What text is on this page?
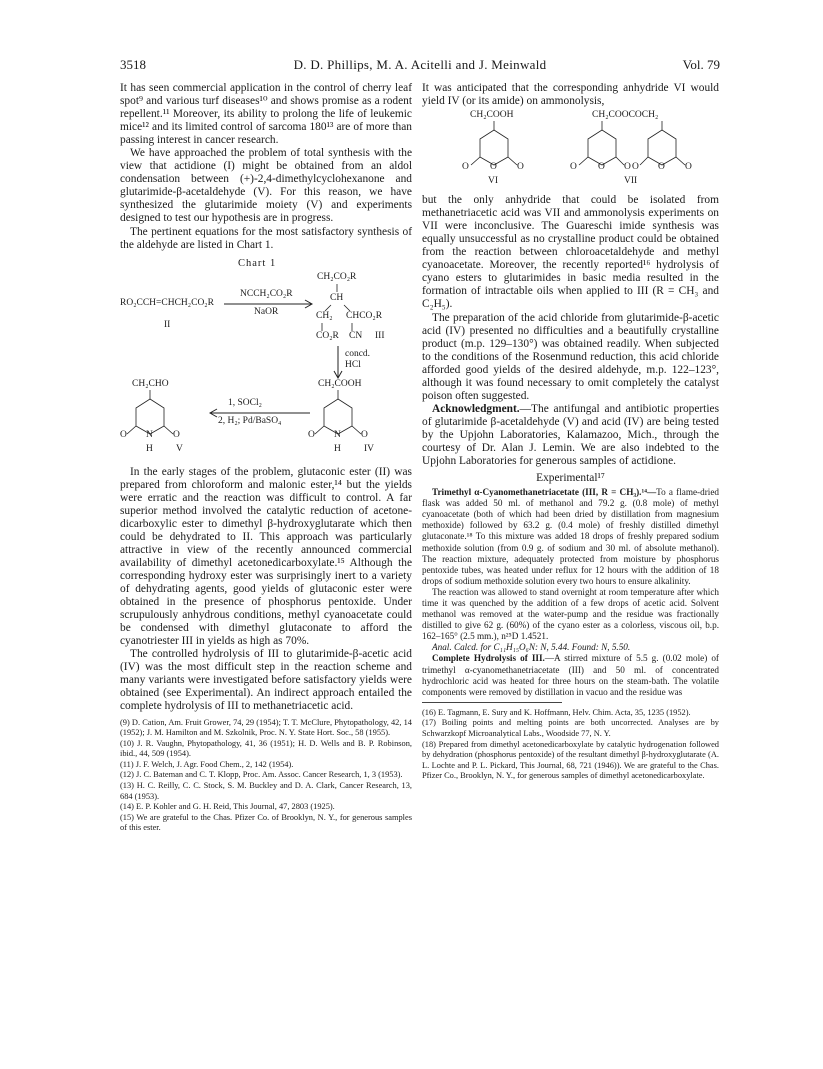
3518	D. D. Phillips, M. A. Acitelli and J. Meinwald	Vol. 79

It has seen commercial application in the control of cherry leaf spot⁹ and various turf diseases¹⁰ and shows promise as a rodent repellent.¹¹ Moreover, its ability to prolong the life of leukemic mice¹² and its limited control of sarcoma 180¹³ are of more than passing interest in cancer research.

We have approached the problem of total synthesis with the view that actidione (I) might be obtained from an aldol condensation between (+)-2,4-dimethylcyclohexanone and glutarimide-β-acetaldehyde (V). For this reason, we have synthesized the glutarimide moiety (V) and experiments designed to test our hypothesis are in progress.

The pertinent equations for the most satisfactory synthesis of the aldehyde are listed in Chart 1.

Chart 1
CH₂CO₂R
CH
RO₂CCH=CHCH₂CO₂R
NCCH₂CO₂R
NaOR
II
CH₂ CHCO₂R
CO₂R CN III
concd.
HCl
CH₂CHO	CH₂COOH
1, SOCl₂
2, H₂; Pd/BaSO₄
O N O
H V
O N O
H IV

In the early stages of the problem, glutaconic ester (II) was prepared from chloroform and malonic ester,¹⁴ but the yields were erratic and the reaction was difficult to control. A far superior method involved the catalytic reduction of acetone-dicarboxylic ester to dimethyl β-hydroxyglutarate which then could be dehydrated to II. This approach was particularly attractive in view of the recently announced commercial availability of dimethyl acetonedicarboxylate.¹⁵ Although the corresponding hydroxy ester was surprisingly inert to a variety of dehydrating agents, good yields of glutaconic ester were obtained in the presence of phosphorus pentoxide. Under scrupulously anhydrous conditions, methyl cyanoacetate could be condensed with dimethyl glutaconate to afford the cyanotriester III in yields as high as 70%.

The controlled hydrolysis of III to glutarimide-β-acetic acid (IV) was the most difficult step in the reaction scheme and many variants were investigated before satisfactory yields were obtained (see Experimental). An indirect approach entailed the complete hydrolysis of III to methanetriacetic acid.

(9) D. Cation, Am. Fruit Grower, 74, 29 (1954); T. T. McClure, Phytopathology, 42, 14 (1952); J. M. Hamilton and M. Szkolnik, Proc. N. Y. State Hort. Soc., 58 (1955).
(10) J. R. Vaughn, Phytopathology, 41, 36 (1951); H. D. Wells and B. P. Robinson, ibid., 44, 509 (1954).
(11) J. F. Welch, J. Agr. Food Chem., 2, 142 (1954).
(12) J. C. Bateman and C. T. Klopp, Proc. Am. Assoc. Cancer Research, 1, 3 (1953).
(13) H. C. Reilly, C. C. Stock, S. M. Buckley and D. A. Clark, Cancer Research, 13, 684 (1953).
(14) E. P. Kohler and G. H. Reid, This Journal, 47, 2803 (1925).
(15) We are grateful to the Chas. Pfizer Co. of Brooklyn, N. Y., for generous samples of this ester.

It was anticipated that the corresponding anhydride VI would yield IV (or its amide) on ammonolysis,

CH₂COOH	CH₂COOCOCH₂
O O O
VI
O O O O O O
VII

but the only anhydride that could be isolated from methanetriacetic acid was VII and ammonolysis experiments on VII were inconclusive. The Guareschi imide synthesis was equally unsuccessful as no crystalline product could be obtained from the reaction between chloroacetaldehyde and methyl cyanoacetate. Moreover, the recently reported¹⁶ hydrolysis of cyano esters to glutarimides in basic media resulted in the formation of intractable oils when applied to III (R = CH₃ and C₂H₅).

The preparation of the acid chloride from glutarimide-β-acetic acid (IV) presented no difficulties and a beautifully crystalline product (m.p. 129–130°) was obtained readily. When subjected to the conditions of the Rosenmund reduction, this acid chloride afforded good yields of the desired aldehyde, m.p. 122–123°, although it was found necessary to omit completely the catalyst poison often suggested.

Acknowledgment.—The antifungal and antibiotic properties of glutarimide β-acetaldehyde (V) and acid (IV) are being tested by the Upjohn Laboratories, Kalamazoo, Mich., through the courtesy of Dr. Alan J. Lemin. We are also indebted to the Upjohn Laboratories for generous samples of actidione.

Experimental¹⁷

Trimethyl α-Cyanomethanetriacetate (III, R = CH₃).¹⁴—To a flame-dried flask was added 50 ml. of methanol and 79.2 g. (0.8 mole) of methyl cyanoacetate (both of which had been dried by distillation from magnesium methoxide) followed by 63.2 g. (0.4 mole) of freshly distilled dimethyl glutaconate.¹⁸ To this mixture was added 18 drops of freshly prepared sodium methoxide solution (from 0.9 g. of sodium and 30 ml. of absolute methanol). The reaction mixture, adequately protected from moisture by phosphorus pentoxide tubes, was heated under reflux for 12 hours with the addition of 18 drops of sodium methoxide solution every two hours to ensure alkalinity.

The reaction was allowed to stand overnight at room temperature after which time it was quenched by the addition of a few drops of acetic acid. Solvent methanol was removed at the water-pump and the residue was fractionally distilled to give 62 g. (60%) of the cyano ester as a colorless, viscous oil, b.p. 162–165° (2.5 mm.), n²⁵D 1.4521.

Anal. Calcd. for C₁₁H₁₅O₆N: N, 5.44. Found: N, 5.50.

Complete Hydrolysis of III.—A stirred mixture of 5.5 g. (0.02 mole) of trimethyl α-cyanomethanetriacetate (III) and 50 ml. of concentrated hydrochloric acid was heated for three hours on the steam-bath. The volatile components were removed by distillation in vacuo and the residue was

(16) E. Tagmann, E. Sury and K. Hoffmann, Helv. Chim. Acta, 35, 1235 (1952).
(17) Boiling points and melting points are both uncorrected. Analyses are by Schwarzkopf Microanalytical Labs., Woodside 77, N. Y.
(18) Prepared from dimethyl acetonedicarboxylate by catalytic hydrogenation followed by dehydration (phosphorus pentoxide) of the resultant dimethyl β-hydroxyglutarate (A. L. Lochte and P. L. Pickard, This Journal, 68, 721 (1946)). We are grateful to the Chas. Pfizer Co., Brooklyn, N. Y., for generous samples of dimethyl acetonedicarboxylate.
